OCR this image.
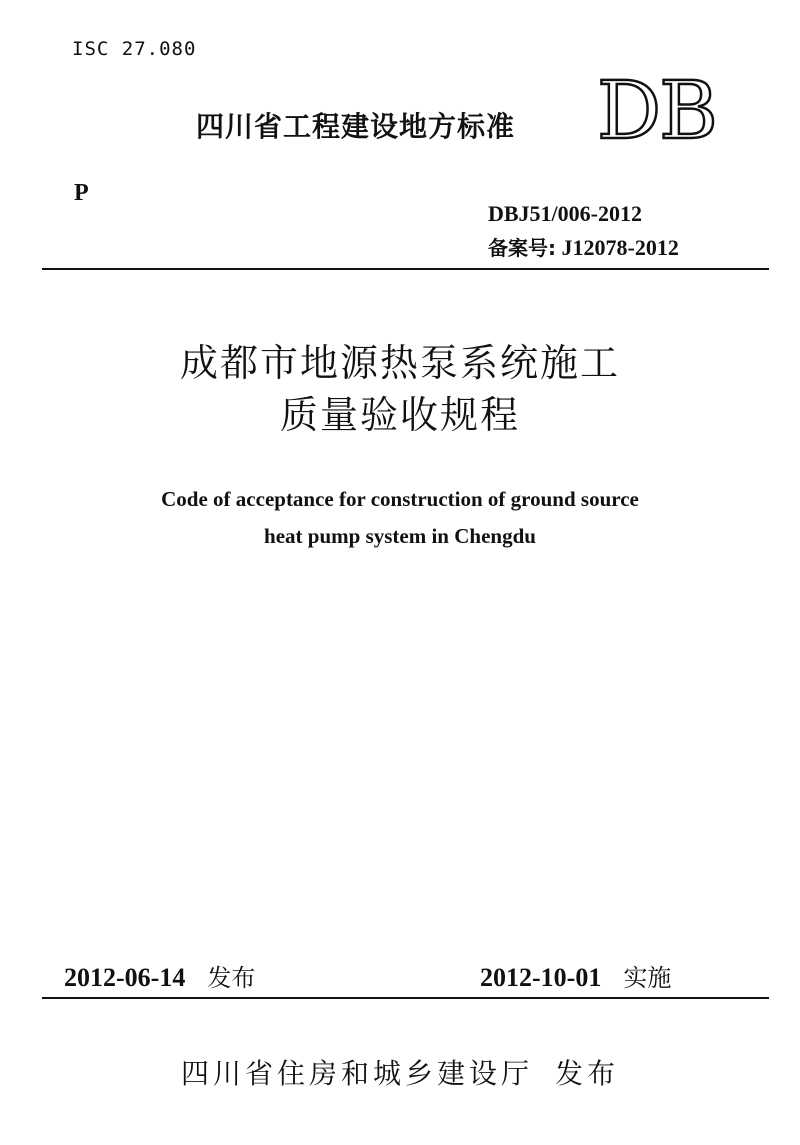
ISC 27.080
四川省工程建设地方标准 DB
P
DBJ51/006-2012
备案号: J12078-2012
成都市地源热泵系统施工
质量验收规程
Code of acceptance for construction of ground source
heat pump system in Chengdu
2012-06-14 发布	2012-10-01 实施
四川省住房和城乡建设厅 发布
